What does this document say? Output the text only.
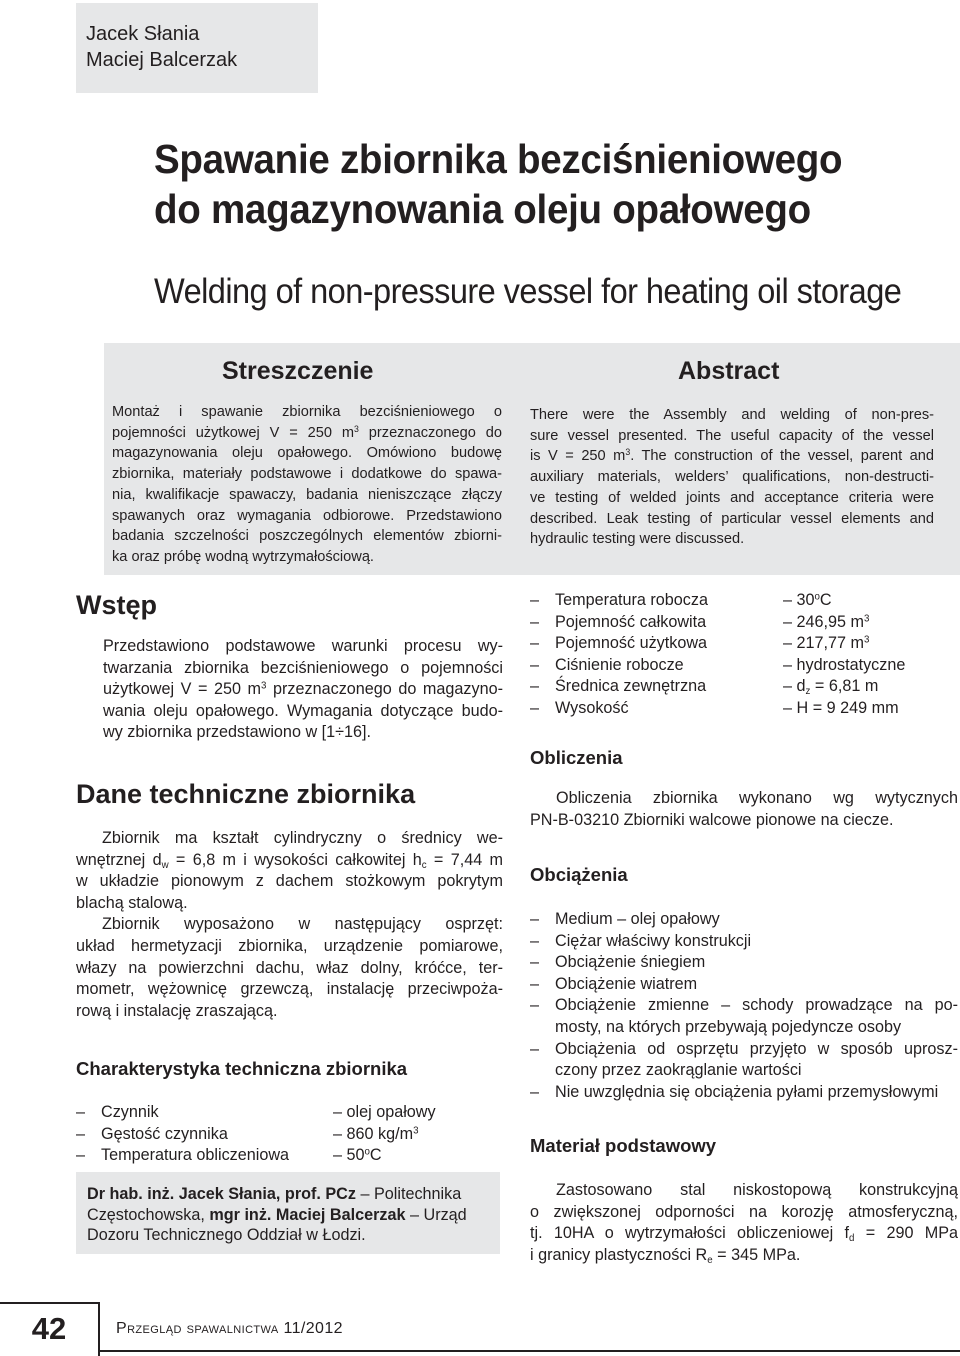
Jacek Słania
Maciej Balcerzak
Spawanie zbiornika bezciśnieniowego
do magazynowania oleju opałowego
Welding of non-pressure vessel for heating oil storage
Streszczenie
Montaż i spawanie zbiornika bezciśnieniowego o
pojemności użytkowej V = 250 $m^3$ przeznaczonego do
magazynowania oleju opałowego. Omówiono budowę
zbiornika, materiały podstawowe i dodatkowe do spawa-
nia, kwalifikacje spawaczy, badania nieniszczące złączy
spawanych oraz wymagania odbiorowe. Przedstawiono
badania szczelności poszczególnych elementów zbiorni-
ka oraz próbę wodną wytrzymałościową.
Abstract
There were the Assembly and welding of non-pres-
sure vessel presented. The useful capacity of the vessel
is V = 250 $m^3$. The construction of the vessel, parent and
auxiliary materials, welders’ qualifications, non-destructi-
ve testing of welded joints and acceptance criteria were
described. Leak testing of particular vessel elements and
hydraulic testing were discussed.
Wstęp
Przedstawiono podstawowe warunki procesu wy-
twarzania zbiornika bezciśnieniowego o pojemności
użytkowej V = 250 $m^3$ przeznaczonego do magazyno-
wania oleju opałowego. Wymagania dotyczące budo-
wy zbiornika przedstawiono w [1÷16].
Dane techniczne zbiornika
Zbiornik ma kształt cylindryczny o średnicy we-
wnętrznej $d_w = 6,8$ m i wysokości całkowitej $h_c = 7,44$ m
w układzie pionowym z dachem stożkowym pokrytym
blachą stalową.
Zbiornik wyposażono w następujący osprzęt:
układ hermetyzacji zbiornika, urządzenie pomiarowe,
włazy na powierzchni dachu, właz dolny, króćce, ter-
mometr, wężownicę grzewczą, instalację przeciwpoża-
rową i instalację zraszającą.
Charakterystyka techniczna zbiornika
– Czynnik	– olej opałowy
– Gęstość czynnika	– 860 $kg/m^3$
– Temperatura obliczeniowa	– 50$^o$C
Dr hab. inż. Jacek Słania, prof. PCz – Politechnika
Częstochowska, mgr inż. Maciej Balcerzak – Urząd
Dozoru Technicznego Oddział w Łodzi.
– Temperatura robocza	– 30$^o$C
– Pojemność całkowita	– 246,95 $m^3$
– Pojemność użytkowa	– 217,77 $m^3$
– Ciśnienie robocze	– hydrostatyczne
– Średnica zewnętrzna	– $d_z = 6,81$ m
– Wysokość	– H = 9 249 mm
Obliczenia
Obliczenia zbiornika wykonano wg wytycznych
PN-B-03210 Zbiorniki walcowe pionowe na ciecze.
Obciążenia
– Medium – olej opałowy
– Ciężar właściwy konstrukcji
– Obciążenie śniegiem
– Obciążenie wiatrem
– Obciążenie zmienne – schody prowadzące na po-
mosty, na których przebywają pojedyncze osoby
– Obciążenia od osprzętu przyjęto w sposób uprosz-
czony przez zaokrąglanie wartości
– Nie uwzględnia się obciążenia pyłami przemysłowymi
Materiał podstawowy
Zastosowano stal niskostopową konstrukcyjną
o zwiększonej odporności na korozję atmosferyczną,
tj. 10HA o wytrzymałości obliczeniowej $f_d = 290$ MPa
i granicy plastyczności $R_e = 345$ MPa.
42	Przegląd spawalnictwa 11/2012
